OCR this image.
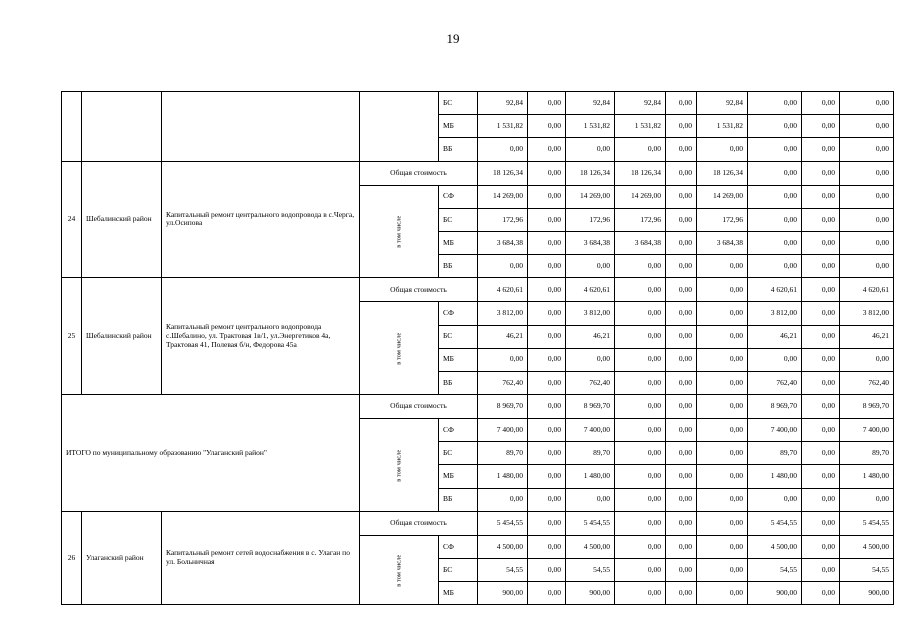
19
				БС	92,84	0,00	92,84	92,84	0,00	92,84	0,00	0,00	0,00
				МБ	1 531,82	0,00	1 531,82	1 531,82	0,00	1 531,82	0,00	0,00	0,00
				ВБ	0,00	0,00	0,00	0,00	0,00	0,00	0,00	0,00	0,00
24	Шебалинский район	Капитальный ремонт центрального водопровода в с.Черга, ул.Осипова	Общая стоимость		18 126,34	0,00	18 126,34	18 126,34	0,00	18 126,34	0,00	0,00	0,00
			в том числе	СФ	14 269,00	0,00	14 269,00	14 269,00	0,00	14 269,00	0,00	0,00	0,00
				БС	172,96	0,00	172,96	172,96	0,00	172,96	0,00	0,00	0,00
				МБ	3 684,38	0,00	3 684,38	3 684,38	0,00	3 684,38	0,00	0,00	0,00
				ВБ	0,00	0,00	0,00	0,00	0,00	0,00	0,00	0,00	0,00
25	Шебалинский район	Капитальный ремонт центрального водопровода с.Шебалино, ул. Трактовая 1в/1, ул.Энергетиков 4а, Трактовая 41, Полевая б/н, Федорова 45а	Общая стоимость		4 620,61	0,00	4 620,61	0,00	0,00	0,00	4 620,61	0,00	4 620,61
			в том числе	СФ	3 812,00	0,00	3 812,00	0,00	0,00	0,00	3 812,00	0,00	3 812,00
				БС	46,21	0,00	46,21	0,00	0,00	0,00	46,21	0,00	46,21
				МБ	0,00	0,00	0,00	0,00	0,00	0,00	0,00	0,00	0,00
				ВБ	762,40	0,00	762,40	0,00	0,00	0,00	762,40	0,00	762,40
ИТОГО по муниципальному образованию "Улаганский район"			Общая стоимость		8 969,70	0,00	8 969,70	0,00	0,00	0,00	8 969,70	0,00	8 969,70
			в том числе	СФ	7 400,00	0,00	7 400,00	0,00	0,00	0,00	7 400,00	0,00	7 400,00
				БС	89,70	0,00	89,70	0,00	0,00	0,00	89,70	0,00	89,70
				МБ	1 480,00	0,00	1 480,00	0,00	0,00	0,00	1 480,00	0,00	1 480,00
				ВБ	0,00	0,00	0,00	0,00	0,00	0,00	0,00	0,00	0,00
26	Улаганский район	Капитальный ремонт сетей водоснабжения в с. Улаган по ул. Больничная	Общая стоимость		5 454,55	0,00	5 454,55	0,00	0,00	0,00	5 454,55	0,00	5 454,55
			в том числе	СФ	4 500,00	0,00	4 500,00	0,00	0,00	0,00	4 500,00	0,00	4 500,00
				БС	54,55	0,00	54,55	0,00	0,00	0,00	54,55	0,00	54,55
				МБ	900,00	0,00	900,00	0,00	0,00	0,00	900,00	0,00	900,00
